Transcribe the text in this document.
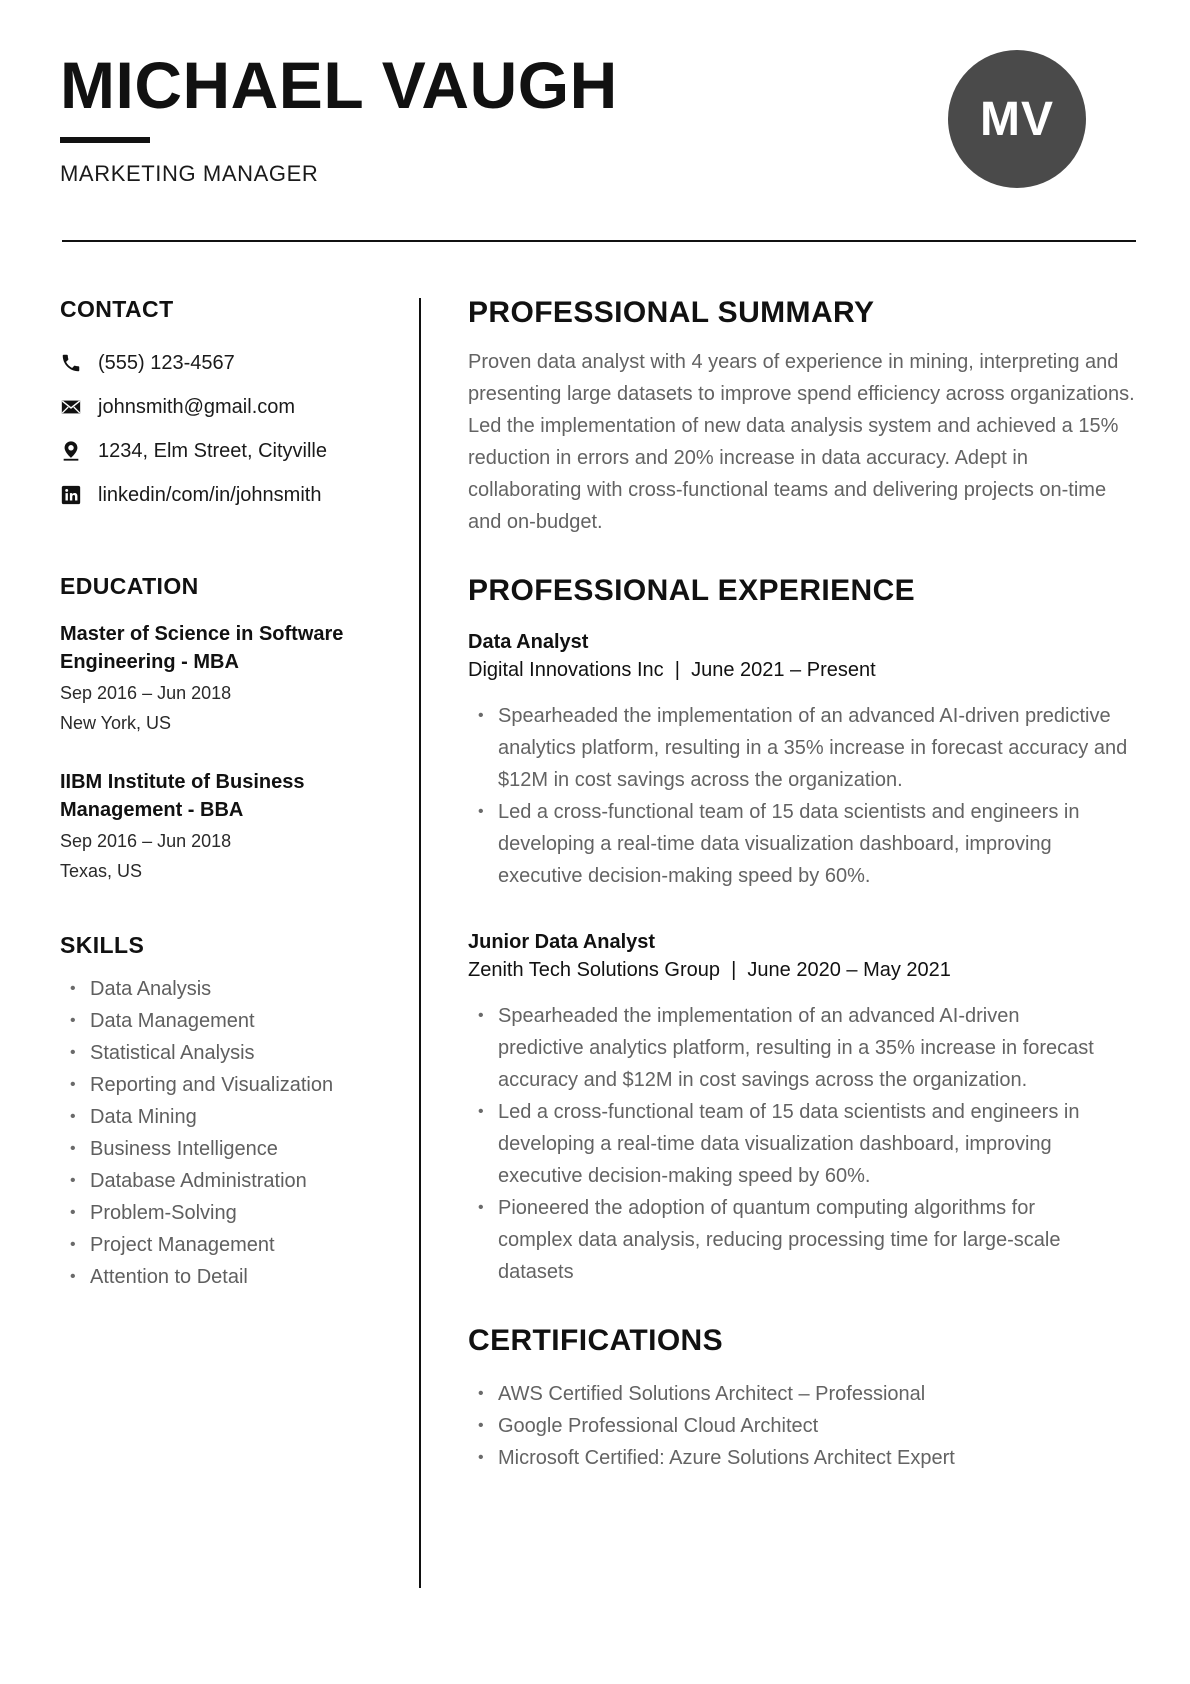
MICHAEL VAUGH
MARKETING MANAGER
MV
CONTACT
(555) 123-4567
johnsmith@gmail.com
1234, Elm Street, Cityville
linkedin/com/in/johnsmith
EDUCATION
Master of Science in Software Engineering - MBA
Sep 2016 – Jun 2018
New York, US
IIBM Institute of Business Management - BBA
Sep 2016 – Jun 2018
Texas, US
SKILLS
• Data Analysis
• Data Management
• Statistical Analysis
• Reporting and Visualization
• Data Mining
• Business Intelligence
• Database Administration
• Problem-Solving
• Project Management
• Attention to Detail
PROFESSIONAL SUMMARY

Proven data analyst with 4 years of experience in mining, interpreting and presenting large datasets to improve spend efficiency across organizations. Led the implementation of new data analysis system and achieved a 15% reduction in errors and 20% increase in data accuracy. Adept in collaborating with cross-functional teams and delivering projects on-time and on-budget.

PROFESSIONAL EXPERIENCE
Data Analyst
Digital Innovations Inc  |  June 2021 – Present
• Spearheaded the implementation of an advanced AI-driven predictive analytics platform, resulting in a 35% increase in forecast accuracy and $12M in cost savings across the organization.
• Led a cross-functional team of 15 data scientists and engineers in developing a real-time data visualization dashboard, improving executive decision-making speed by 60%.
Junior Data Analyst
Zenith Tech Solutions Group  |  June 2020 – May 2021
• Spearheaded the implementation of an advanced AI-driven predictive analytics platform, resulting in a 35% increase in forecast accuracy and $12M in cost savings across the organization.
• Led a cross-functional team of 15 data scientists and engineers in developing a real-time data visualization dashboard, improving executive decision-making speed by 60%.
• Pioneered the adoption of quantum computing algorithms for complex data analysis, reducing processing time for large-scale datasets
CERTIFICATIONS
• AWS Certified Solutions Architect – Professional
• Google Professional Cloud Architect
• Microsoft Certified: Azure Solutions Architect Expert
